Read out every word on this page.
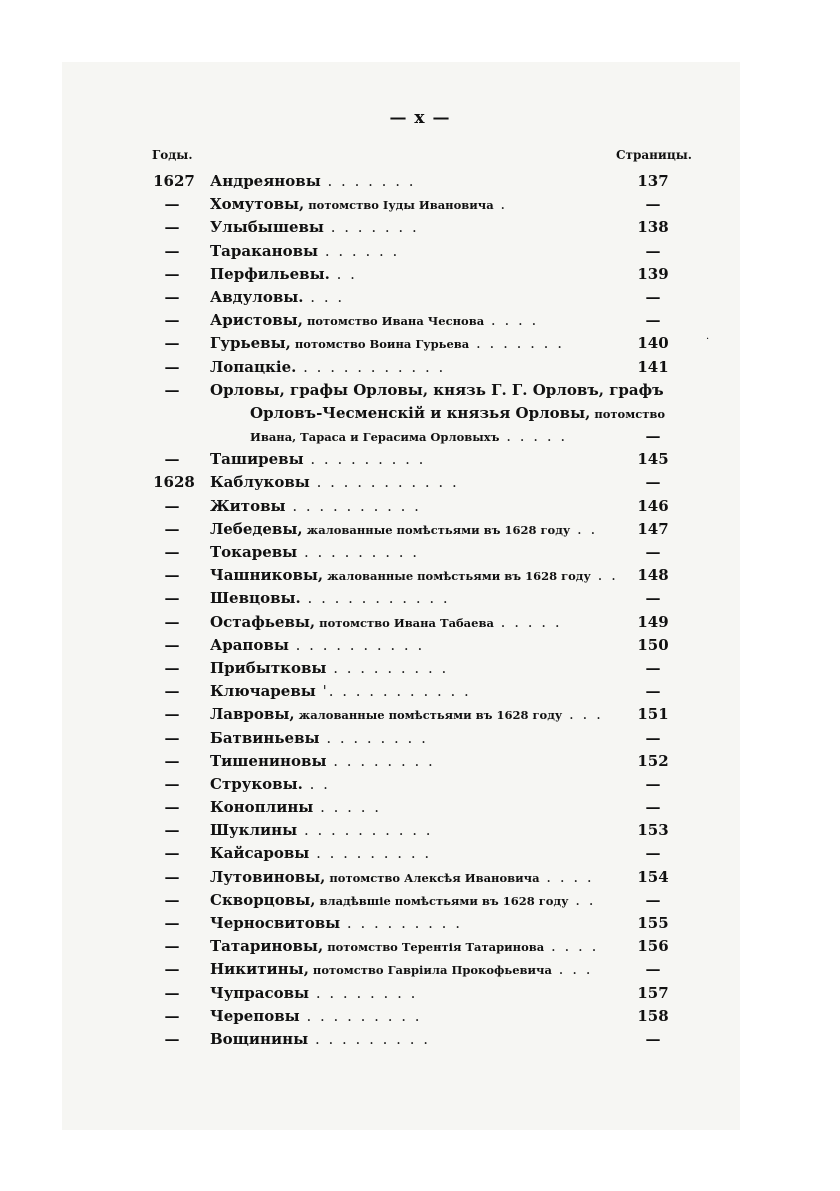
— x —
Годы.	Страницы.
·
1627 Андреяновы . . . . . . .	137
—	Хомутовы, потомство Іуды Ивановича .	—
—	Улыбышевы . . . . . . .	138
—	Таракановы . . . . . .	—
—	Перфильевы. . .	139
—	Авдуловы. . . .	—
—	Аристовы, потомство Ивана Чеснова . . . .	—
—	Гурьевы, потомство Воина Гурьева . . . . . . .	140
—	Лопацкіе. . . . . . . . . . . .	141
—	Орловы, графы Орловы, князь Г. Г. Орловъ, графъ
Орловъ-Чесменскій и князья Орловы, потомство
Ивана, Тараса и Герасима Орловыхъ . . . . .	—
—	Таширевы . . . . . . . . .	145
1628 Каблуковы . . . . . . . . . . .	—
—	Житовы . . . . . . . . . .	146
—	Лебедевы, жалованные помѣстьями въ 1628 году . .	147
—	Токаревы . . . . . . . . .	—
—	Чашниковы, жалованные помѣстьями въ 1628 году . .	148
—	Шевцовы. . . . . . . . . . . .	—
—	Остафьевы, потомство Ивана Табаева . . . . .	149
—	Араповы . . . . . . . . . .	150
—	Прибытковы . . . . . . . . .	—
—	Ключаревы '. . . . . . . . . . .	—
—	Лавровы, жалованные помѣстьями въ 1628 году . . .	151
—	Батвиньевы . . . . . . . .	—
—	Тишениновы . . . . . . . .	152
—	Струковы. . .	—
—	Коноплины . . . . .	—
—	Шуклины . . . . . . . . . .	153
—	Кайсаровы . . . . . . . . .	—
—	Лутовиновы, потомство Алексѣя Ивановича . . . .	154
—	Скворцовы, владѣвшіе помѣстьями въ 1628 году . .	—
—	Черносвитовы . . . . . . . . .	155
—	Татариновы, потомство Терентія Татаринова . . . .	156
—	Никитины, потомство Гаврiила Прокофьевича . . .	—
—	Чупрасовы . . . . . . . .	157
—	Череповы . . . . . . . . .	158
—	Вощинины . . . . . . . . .	—
